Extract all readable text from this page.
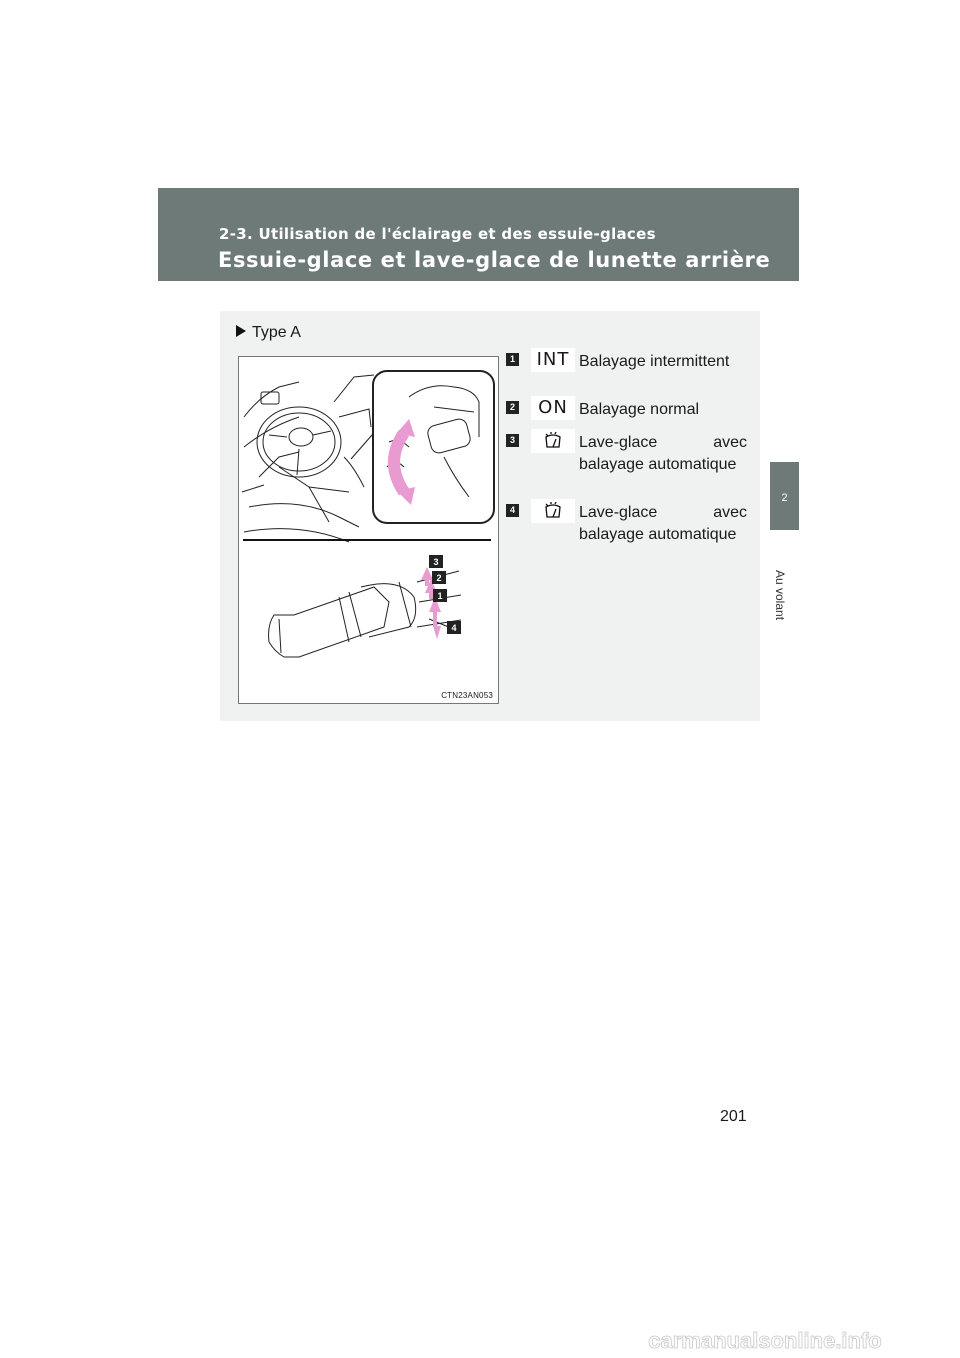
2-3. Utilisation de l'éclairage et des essuie-glaces
Essuie-glace et lave-glace de lunette arrière
2
Au volant
Type A
3
2
1
4
CTN23AN053
1	INT Balayage intermittent
2	ON Balayage normal
3	Lave-glace avec balayage automatique
4	Lave-glace avec balayage automatique
201
carmanualsonline.info
